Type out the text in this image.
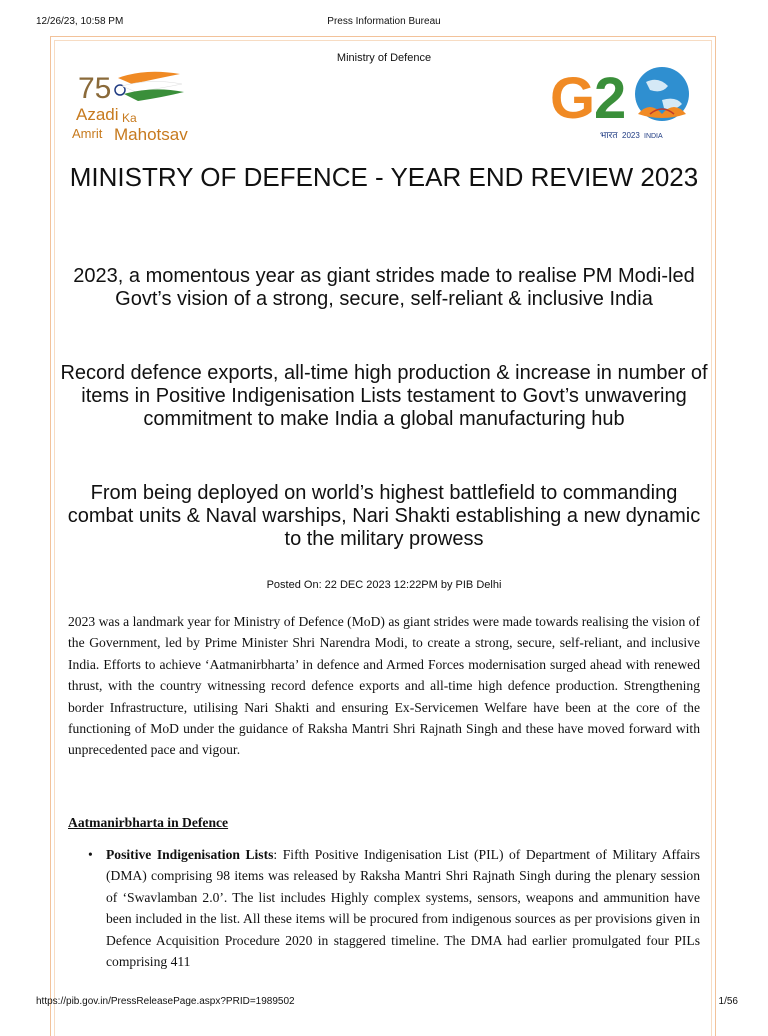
12/26/23, 10:58 PM	Press Information Bureau
Ministry of Defence
75
Azadi Ka
Amrit Mahotsav
G
2
भारत 2023 INDIA
MINISTRY OF DEFENCE - YEAR END REVIEW 2023
2023, a momentous year as giant strides made to realise PM Modi-led Govt’s vision of a strong, secure, self-reliant & inclusive India
Record defence exports, all-time high production & increase in number of items in Positive Indigenisation Lists testament to Govt’s unwavering commitment to make India a global manufacturing hub
From being deployed on world’s highest battlefield to commanding combat units & Naval warships, Nari Shakti establishing a new dynamic to the military prowess
Posted On: 22 DEC 2023 12:22PM by PIB Delhi

2023 was a landmark year for Ministry of Defence (MoD) as giant strides were made towards realising the vision of the Government, led by Prime Minister Shri Narendra Modi, to create a strong, secure, self-reliant, and inclusive India. Efforts to achieve ‘Aatmanirbharta’ in defence and Armed Forces modernisation surged ahead with renewed thrust, with the country witnessing record defence exports and all-time high defence production. Strengthening border Infrastructure, utilising Nari Shakti and ensuring Ex-Servicemen Welfare have been at the core of the functioning of MoD under the guidance of Raksha Mantri Shri Rajnath Singh and these have moved forward with unprecedented pace and vigour.

Aatmanirbharta in Defence
• Positive Indigenisation Lists: Fifth Positive Indigenisation List (PIL) of Department of Military Affairs (DMA) comprising 98 items was released by Raksha Mantri Shri Rajnath Singh during the plenary session of ‘Swavlamban 2.0’. The list includes Highly complex systems, sensors, weapons and ammunition have been included in the list. All these items will be procured from indigenous sources as per provisions given in Defence Acquisition Procedure 2020 in staggered timeline. The DMA had earlier promulgated four PILs comprising 411
https://pib.gov.in/PressReleasePage.aspx?PRID=1989502	1/56
